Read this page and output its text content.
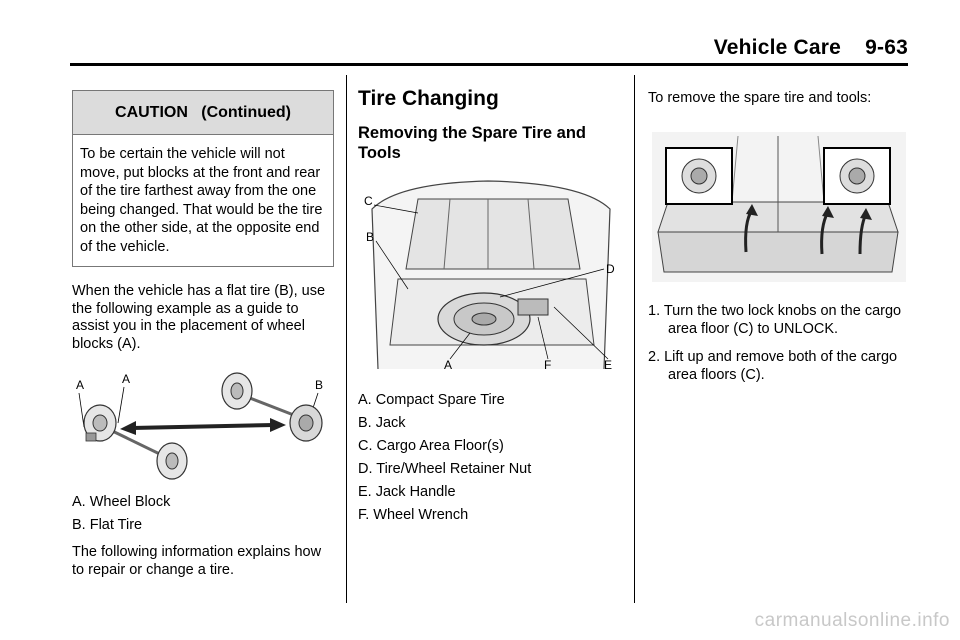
Vehicle Care    9-63
CAUTION   (Continued)
To be certain the vehicle will not move, put blocks at the front and rear of the tire farthest away from the one being changed. That would be the tire on the other side, at the opposite end of the vehicle.

When the vehicle has a flat tire (B), use the following example as a guide to assist you in the placement of wheel blocks (A).

A	A	B
A. Wheel Block
B. Flat Tire

The following information explains how to repair or change a tire.

Tire Changing
Removing the Spare Tire and Tools
C
B
D
A	F	E
A. Compact Spare Tire
B. Jack
C. Cargo Area Floor(s)
D. Tire/Wheel Retainer Nut
E. Jack Handle
F. Wheel Wrench

To remove the spare tire and tools:

1. Turn the two lock knobs on the cargo area floor (C) to UNLOCK.
2. Lift up and remove both of the cargo area floors (C).
carmanualsonline.info
